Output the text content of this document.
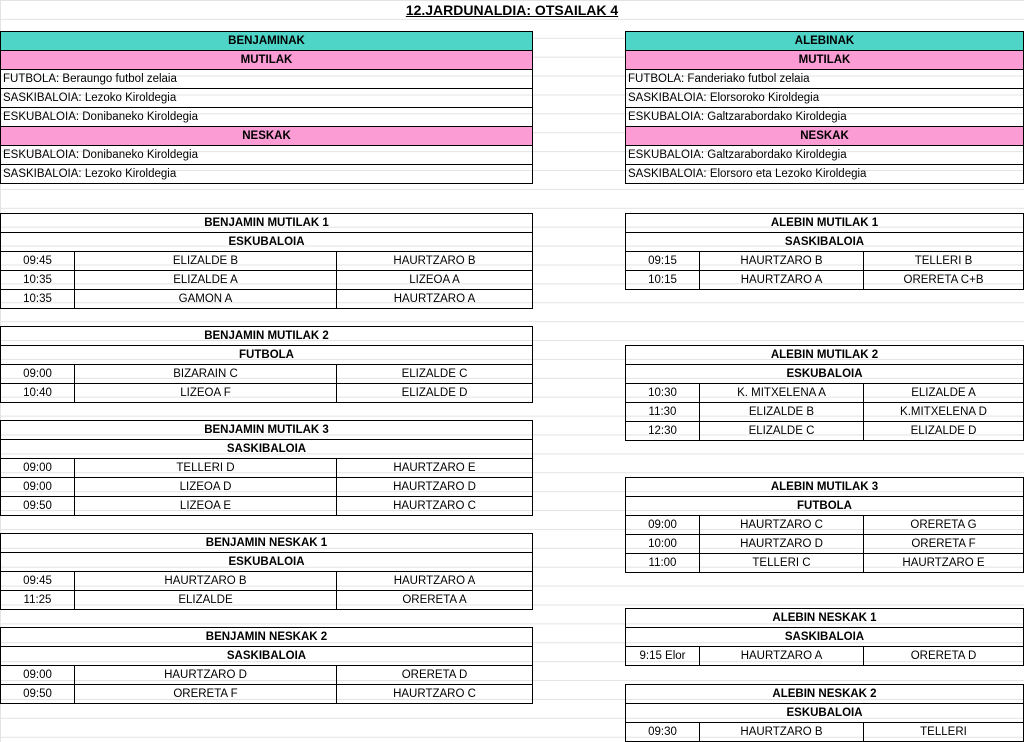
12.JARDUNALDIA: OTSAILAK 4
BENJAMINAK
MUTILAK
FUTBOLA: Beraungo futbol zelaia
SASKIBALOIA: Lezoko Kiroldegia
ESKUBALOIA: Donibaneko Kiroldegia
NESKAK
ESKUBALOIA: Donibaneko Kiroldegia
SASKIBALOIA: Lezoko Kiroldegia
ALEBINAK
MUTILAK
FUTBOLA: Fanderiako futbol zelaia
SASKIBALOIA: Elorsoroko Kiroldegia
ESKUBALOIA: Galtzarabordako Kiroldegia
NESKAK
ESKUBALOIA: Galtzarabordako Kiroldegia
SASKIBALOIA: Elorsoro eta Lezoko Kiroldegia
BENJAMIN MUTILAK 1
ESKUBALOIA
09:45	ELIZALDE B	HAURTZARO B
10:35	ELIZALDE A	LIZEOA A
10:35	GAMON A	HAURTZARO A
BENJAMIN MUTILAK 2
FUTBOLA
09:00	BIZARAIN C	ELIZALDE C
10:40	LIZEOA F	ELIZALDE D
BENJAMIN MUTILAK 3
SASKIBALOIA
09:00	TELLERI D	HAURTZARO E
09:00	LIZEOA D	HAURTZARO D
09:50	LIZEOA E	HAURTZARO C
BENJAMIN NESKAK 1
ESKUBALOIA
09:45	HAURTZARO B	HAURTZARO A
11:25	ELIZALDE	ORERETA A
BENJAMIN NESKAK 2
SASKIBALOIA
09:00	HAURTZARO D	ORERETA D
09:50	ORERETA F	HAURTZARO C
ALEBIN MUTILAK 1
SASKIBALOIA
09:15	HAURTZARO B	TELLERI B
10:15	HAURTZARO A	ORERETA C+B
ALEBIN MUTILAK 2
ESKUBALOIA
10:30	K. MITXELENA A	ELIZALDE A
11:30	ELIZALDE B	K.MITXELENA D
12:30	ELIZALDE C	ELIZALDE D
ALEBIN MUTILAK 3
FUTBOLA
09:00	HAURTZARO C	ORERETA G
10:00	HAURTZARO D	ORERETA F
11:00	TELLERI C	HAURTZARO E
ALEBIN NESKAK 1
SASKIBALOIA
9:15 Elor	HAURTZARO A	ORERETA D
ALEBIN NESKAK 2
ESKUBALOIA
09:30	HAURTZARO B	TELLERI
